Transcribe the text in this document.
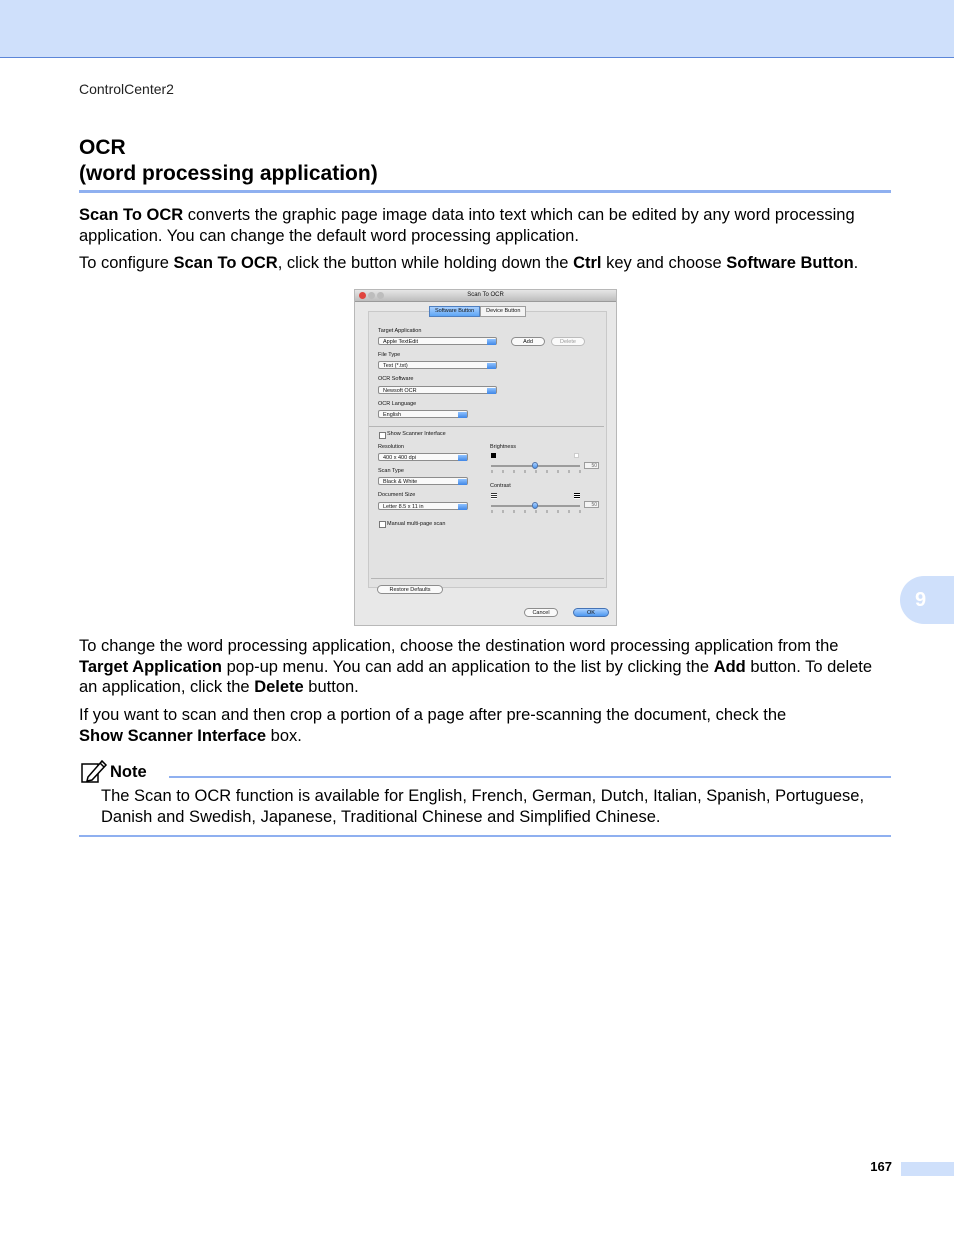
ControlCenter2
OCR
(word processing application)
Scan To OCR converts the graphic page image data into text which can be edited by any word processing application. You can change the default word processing application.
To configure Scan To OCR, click the button while holding down the Ctrl key and choose Software Button.
Scan To OCR
Software Button	Device Button
Target Application
Apple TextEdit	Add	Delete
File Type
Text (*.txt)
OCR Software
Newsoft OCR
OCR Language
English
Show Scanner Interface
Resolution
400 x 400 dpi
Scan Type
Black & White
Document Size
Letter 8.5 x 11 in
Manual multi-page scan
Brightness
50
Contrast
50
Restore Defaults
Cancel	OK
To change the word processing application, choose the destination word processing application from the Target Application pop-up menu. You can add an application to the list by clicking the Add button. To delete an application, click the Delete button.
If you want to scan and then crop a portion of a page after pre-scanning the document, check the
Show Scanner Interface box.
Note
The Scan to OCR function is available for English, French, German, Dutch, Italian, Spanish, Portuguese, Danish and Swedish, Japanese, Traditional Chinese and Simplified Chinese.
9
167
